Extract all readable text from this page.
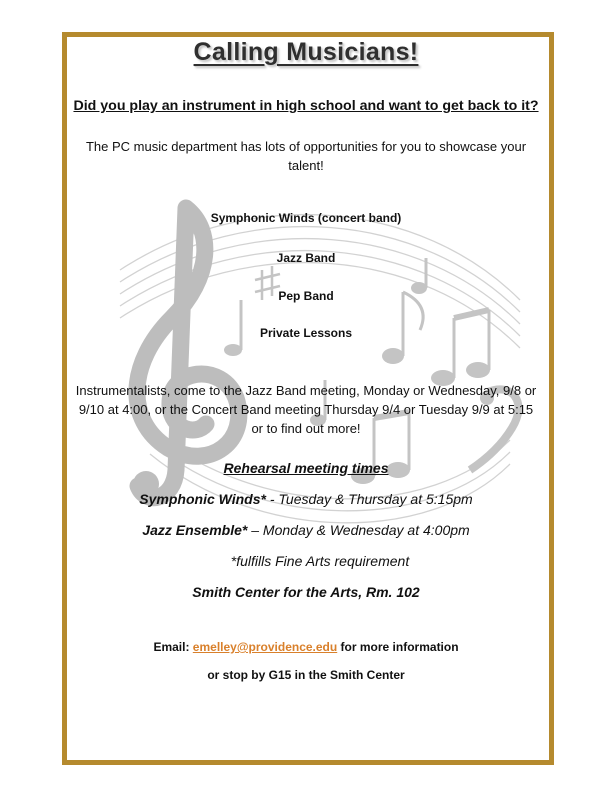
Calling Musicians!
Did you play an instrument in high school and want to get back to it?
The PC music department has lots of opportunities for you to showcase your talent!
Symphonic Winds (concert band)
Jazz Band
Pep Band
Private Lessons
Instrumentalists, come to the Jazz Band meeting, Monday or Wednesday, 9/8 or 9/10 at 4:00, or the Concert Band meeting Thursday 9/4 or Tuesday 9/9 at 5:15 or to find out more!
Rehearsal meeting times
Symphonic Winds* - Tuesday & Thursday at 5:15pm
Jazz Ensemble* – Monday & Wednesday at 4:00pm
*fulfills Fine Arts requirement
Smith Center for the Arts, Rm. 102
Email: emelley@providence.edu for more information
or stop by G15 in the Smith Center
